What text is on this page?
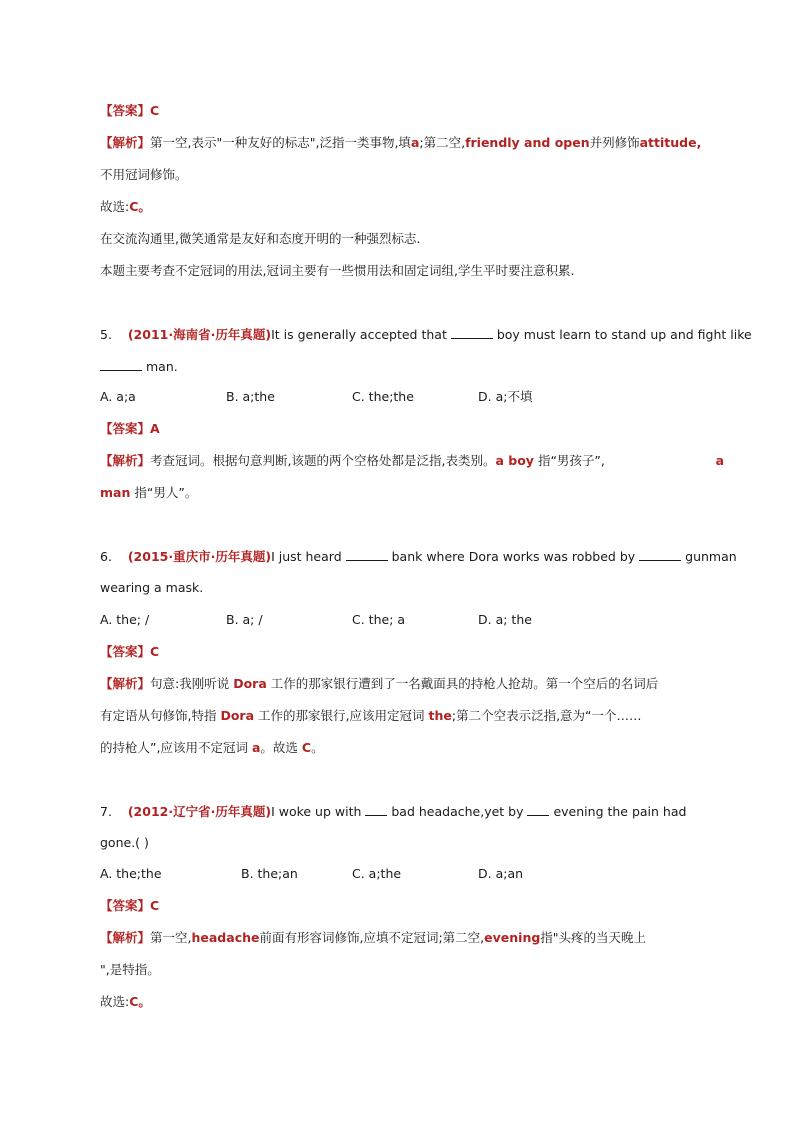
【答案】C
【解析】第一空,表示"一种友好的标志",泛指一类事物,填a;第二空,friendly and open并列修饰attitude,
不用冠词修饰。
故选:C。
在交流沟通里,微笑通常是友好和态度开明的一种强烈标志.
本题主要考查不定冠词的用法,冠词主要有一些惯用法和固定词组,学生平时要注意积累.
5. (2011·海南省·历年真题)It is generally accepted that	boy must learn to stand up and fight like
man.
A. a;a	B. a;the	C. the;the	D. a;不填
【答案】A
【解析】考查冠词。根据句意判断,该题的两个空格处都是泛指,表类别。a boy 指“男孩子”,	a
man 指“男人”。
6. (2015·重庆市·历年真题)I just heard	bank where Dora works was robbed by	gunman
wearing a mask.
A. the; /	B. a; /	C. the; a	D. a; the
【答案】C
【解析】句意:我刚听说 Dora 工作的那家银行遭到了一名戴面具的持枪人抢劫。第一个空后的名词后
有定语从句修饰,特指 Dora 工作的那家银行,应该用定冠词 the;第二个空表示泛指,意为“一个……
的持枪人”,应该用不定冠词 a。故选 C。
7. (2012·辽宁省·历年真题)I woke up with bad headache,yet by evening the pain had
gone.( )
A. the;the	B. the;an	C. a;the	D. a;an
【答案】C
【解析】第一空,headache前面有形容词修饰,应填不定冠词;第二空,evening指"头疼的当天晚上
",是特指。
故选:C。
